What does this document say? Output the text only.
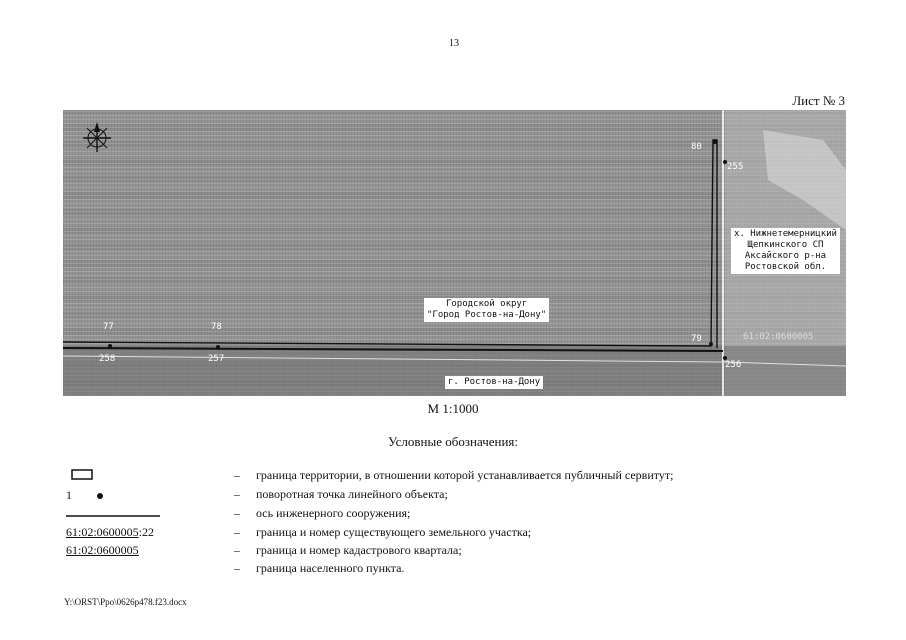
13
Лист № 3
Городской округ
"Город Ростов-на-Дону"
х. Нижнетемерницкий
Щепкинского СП
Аксайского р-на
Ростовской обл.
г. Ростов-на-Дону
61:02:0600005
77	78
79
80
255
256
257
258
М 1:1000
Условные обозначения:
– граница территории, в отношении которой устанавливается публичный сервитут;
1	– поворотная точка линейного объекта;
– ось инженерного сооружения;
61:02:0600005:22	– граница и номер существующего земельного участка;
61:02:0600005	– граница и номер кадастрового квартала;
– граница населенного пункта.
Y:\ORST\Ppo\0626p478.f23.docx
